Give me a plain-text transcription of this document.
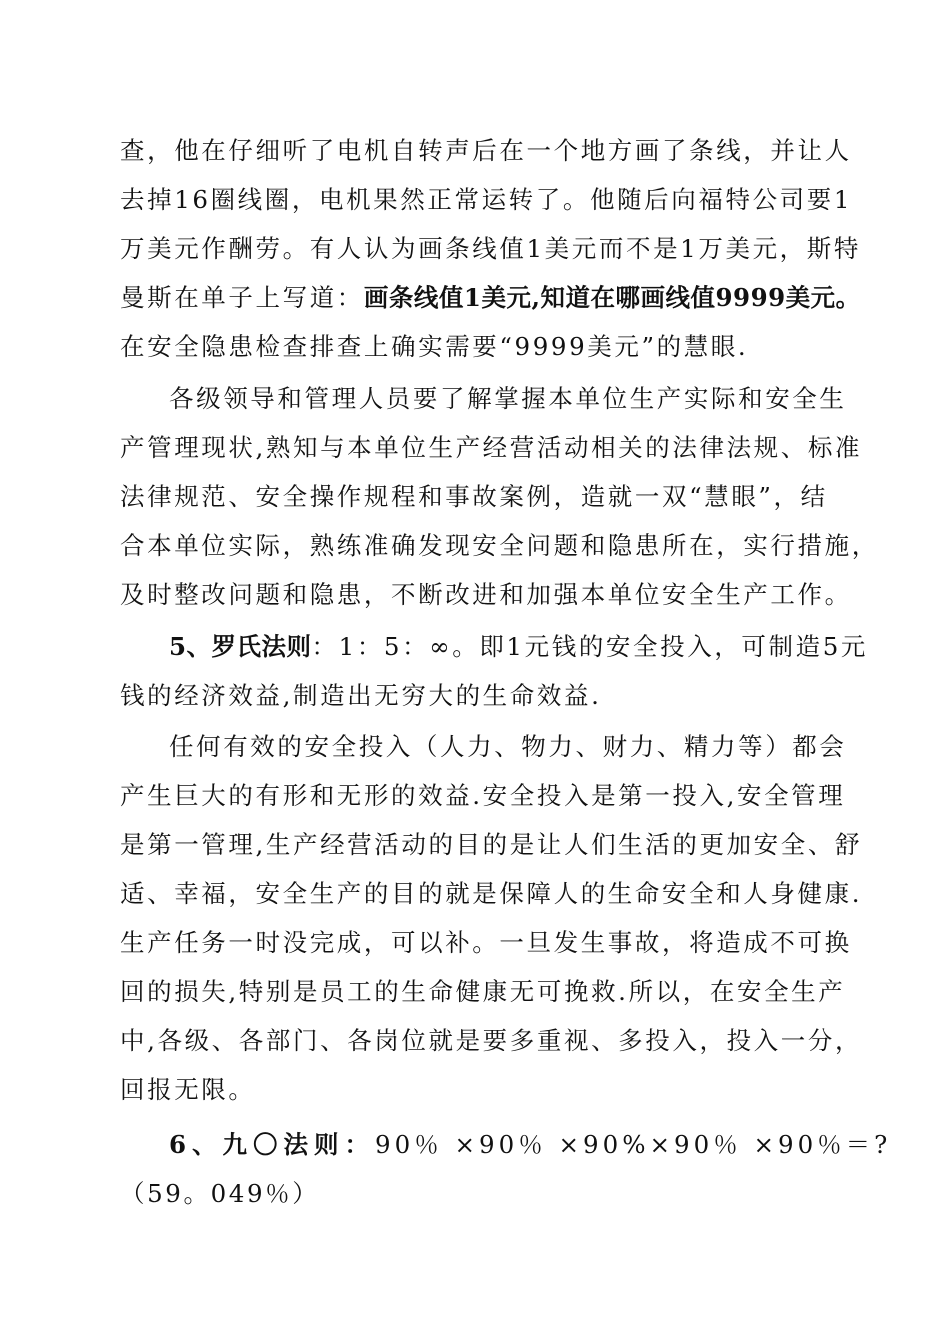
查，他在仔细听了电机自转声后在一个地方画了条线，并让人
去掉16圈线圈，电机果然正常运转了。他随后向福特公司要1
万美元作酬劳。有人认为画条线值1美元而不是1万美元，斯特
曼斯在单子上写道：画条线值1美元,知道在哪画线值9999美元。
在安全隐患检查排查上确实需要“9999美元”的慧眼.
各级领导和管理人员要了解掌握本单位生产实际和安全生
产管理现状,熟知与本单位生产经营活动相关的法律法规、标准
法律规范、安全操作规程和事故案例，造就一双“慧眼”，结
合本单位实际，熟练准确发现安全问题和隐患所在，实行措施，
及时整改问题和隐患，不断改进和加强本单位安全生产工作。
5、罗氏法则：1：5：∞。即1元钱的安全投入，可制造5元
钱的经济效益,制造出无穷大的生命效益.
任何有效的安全投入（人力、物力、财力、精力等）都会
产生巨大的有形和无形的效益.安全投入是第一投入,安全管理
是第一管理,生产经营活动的目的是让人们生活的更加安全、舒
适、幸福，安全生产的目的就是保障人的生命安全和人身健康.
生产任务一时没完成，可以补。一旦发生事故，将造成不可换
回的损失,特别是员工的生命健康无可挽救.所以，在安全生产
中,各级、各部门、各岗位就是要多重视、多投入，投入一分，
回报无限。
6、九〇法则：90％ ×90％ ×90%×90％ ×90％＝?
（59。049％）
